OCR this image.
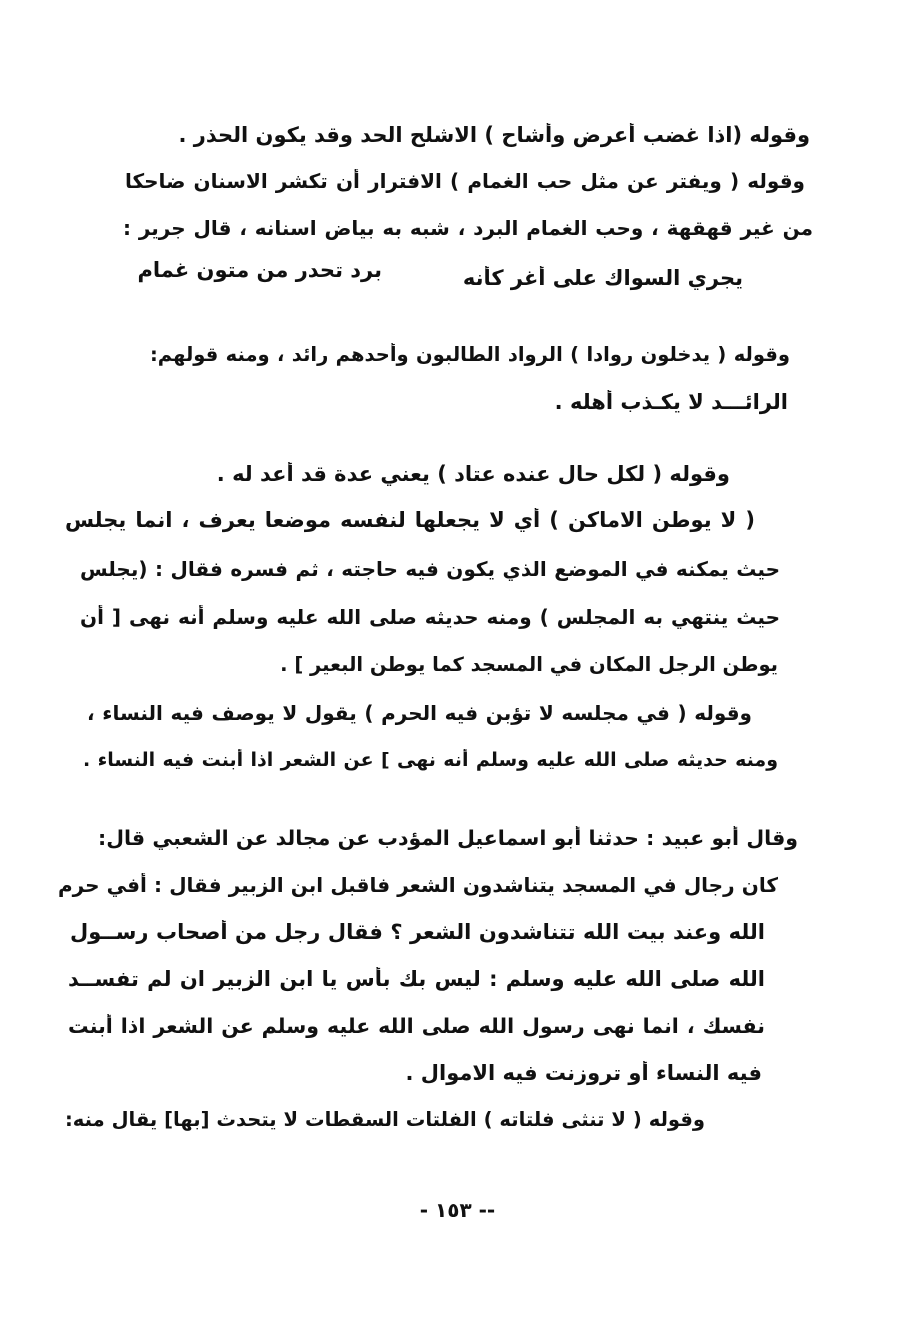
وقوله (اذا غضب أعرض وأشاح ) الاشلح الحد وقد يكون الحذر .
وقوله ( ويفتر عن مثل حب الغمام ) الافترار أن تكشر الاسنان ضاحكا
من غير قهقهة ، وحب الغمام البرد ، شبه به بياض اسنانه ، قال جرير :
يجري السواك على أغر كأنه
برد تحدر من متون غمام
وقوله ( يدخلون روادا ) الرواد الطالبون وأحدهم رائد ، ومنه قولهم:
الرائـــد لا يكـذب أهله .
وقوله ( لكل حال عنده عتاد ) يعني عدة قد أعد له .
( لا يوطن الاماكن ) أي لا يجعلها لنفسه موضعا يعرف ، انما يجلس
حيث يمكنه في الموضع الذي يكون فيه حاجته ، ثم فسره فقال : (يجلس
حيث ينتهي به المجلس ) ومنه حديثه صلى الله عليه وسلم أنه نهى [ أن
يوطن الرجل المكان في المسجد كما يوطن البعير ] .
وقوله ( في مجلسه لا تؤبن فيه الحرم ) يقول لا يوصف فيه النساء ،
ومنه حديثه صلى الله عليه وسلم أنه نهى ] عن الشعر اذا أبنت فيه النساء .
وقال أبو عبيد : حدثنا أبو اسماعيل المؤدب عن مجالد عن الشعبي قال:
كان رجال في المسجد يتناشدون الشعر فاقبل ابن الزبير فقال : أفي حرم
الله وعند بيت الله تتناشدون الشعر ؟ فقال رجل من أصحاب رســول
الله صلى الله عليه وسلم : ليس بك بأس يا ابن الزبير ان لم تفســد
نفسك ، انما نهى رسول الله صلى الله عليه وسلم عن الشعر اذا أبنت
فيه النساء أو تروزنت فيه الاموال .
وقوله ( لا تنثى فلتاته ) الفلتات السقطات لا يتحدث [بها] يقال منه:
-- ١٥٣ -
